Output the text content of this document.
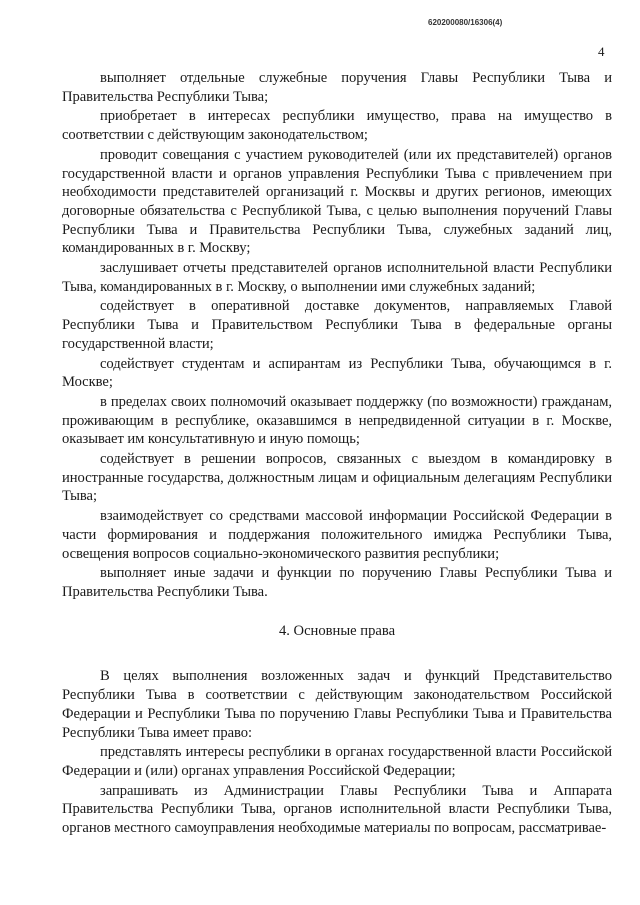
620200080/16306(4)
4

выполняет отдельные служебные поручения Главы Республики Тыва и Правительства Республики Тыва;

приобретает в интересах республики имущество, права на имущество в соответствии с действующим законодательством;

проводит совещания с участием руководителей (или их представителей) органов государственной власти и органов управления Республики Тыва с привлечением при необходимости представителей организаций г. Москвы и других регионов, имеющих договорные обязательства с Республикой Тыва, с целью выполнения поручений Главы Республики Тыва и Правительства Республики Тыва, служебных заданий лиц, командированных в г. Москву;

заслушивает отчеты представителей органов исполнительной власти Республики Тыва, командированных в г. Москву, о выполнении ими служебных заданий;

содействует в оперативной доставке документов, направляемых Главой Республики Тыва и Правительством Республики Тыва в федеральные органы государственной власти;

содействует студентам и аспирантам из Республики Тыва, обучающимся в г. Москве;

в пределах своих полномочий оказывает поддержку (по возможности) гражданам, проживающим в республике, оказавшимся в непредвиденной ситуации в г. Москве, оказывает им консультативную и иную помощь;

содействует в решении вопросов, связанных с выездом в командировку в иностранные государства, должностным лицам и официальным делегациям Республики Тыва;

взаимодействует со средствами массовой информации Российской Федерации в части формирования и поддержания положительного имиджа Республики Тыва, освещения вопросов социально-экономического развития республики;

выполняет иные задачи и функции по поручению Главы Республики Тыва и Правительства Республики Тыва.

4. Основные права

В целях выполнения возложенных задач и функций Представительство Республики Тыва в соответствии с действующим законодательством Российской Федерации и Республики Тыва по поручению Главы Республики Тыва и Правительства Республики Тыва имеет право:

представлять интересы республики в органах государственной власти Российской Федерации и (или) органах управления Российской Федерации;

запрашивать из Администрации Главы Республики Тыва и Аппарата Правительства Республики Тыва, органов исполнительной власти Республики Тыва, органов местного самоуправления необходимые материалы по вопросам, рассматривае-
